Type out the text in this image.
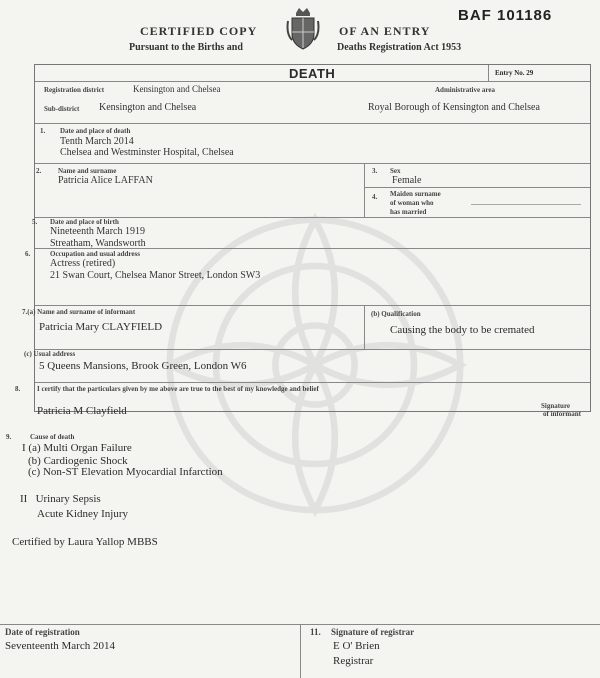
CERTIFIED COPY	OF AN ENTRY
Pursuant to the Births and	Deaths Registration Act 1953
BAF 101186
DEATH	Entry No. 29
Registration district	Kensington and Chelsea	Administrative area
Sub-district Kensington and Chelsea	Royal Borough of Kensington and Chelsea
1. Date and place of death
Tenth March 2014
Chelsea and Westminster Hospital, Chelsea
2. Name and surname
Patricia Alice LAFFAN
3. Sex
Female
4. Maiden surname
of woman who
has married
5. Date and place of birth
Nineteenth March 1919
Streatham, Wandsworth
6.	Occupation and usual address
Actress (retired)
21 Swan Court, Chelsea Manor Street, London SW3
7.(a) Name and surname of informant
Patricia Mary CLAYFIELD
(b) Qualification
Causing the body to be cremated
(c) Usual address
5 Queens Mansions, Brook Green, London W6
8. I certify that the particulars given by me above are true to the best of my knowledge and belief
Patricia M Clayfield	Signature
of informant
9.	Cause of death
I (a) Multi Organ Failure
(b) Cardiogenic Shock
(c) Non-ST Elevation Myocardial Infarction
II   Urinary Sepsis
Acute Kidney Injury
Certified by Laura Yallop MBBS
Date of registration
Seventeenth March 2014
11. Signature of registrar
E O' Brien
Registrar
